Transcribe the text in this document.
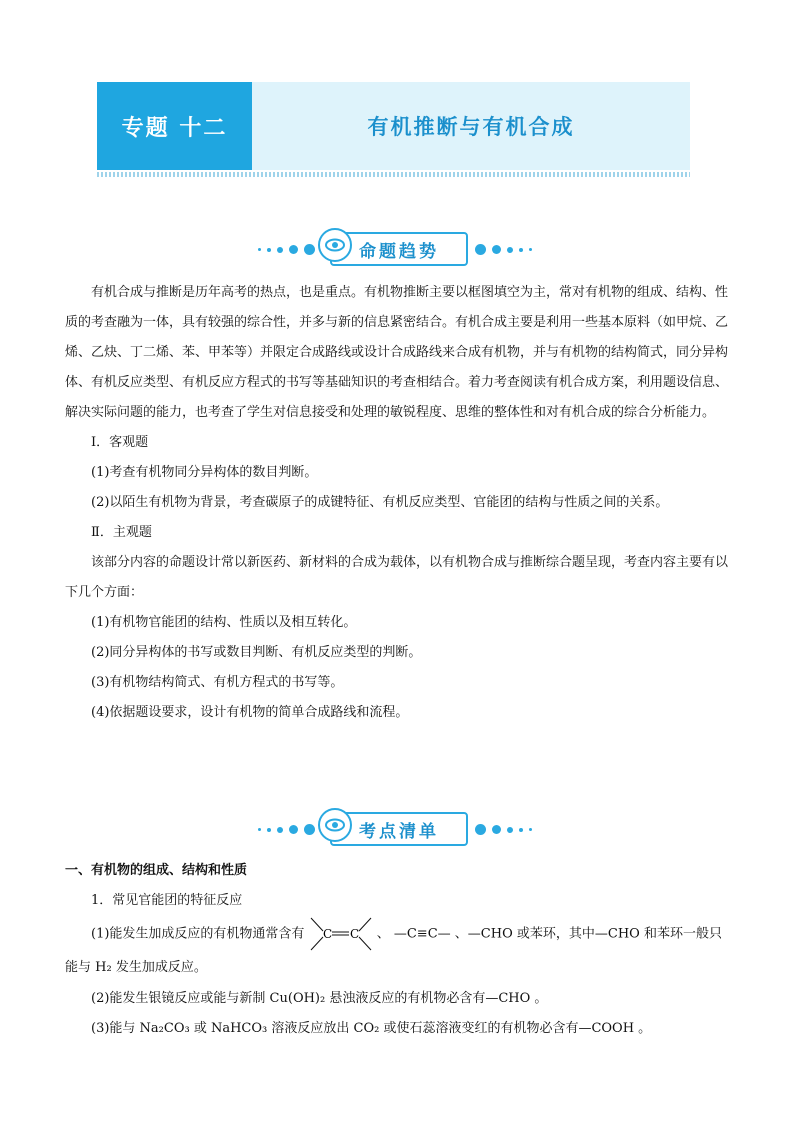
专题 十二	有机推断与有机合成
命题趋势

有机合成与推断是历年高考的热点，也是重点。有机物推断主要以框图填空为主，常对有机物的组成、结构、性质的考查融为一体，具有较强的综合性，并多与新的信息紧密结合。有机合成主要是利用一些基本原料（如甲烷、乙烯、乙炔、丁二烯、苯、甲苯等）并限定合成路线或设计合成路线来合成有机物，并与有机物的结构简式，同分异构体、有机反应类型、有机反应方程式的书写等基础知识的考查相结合。着力考查阅读有机合成方案，利用题设信息、解决实际问题的能力，也考查了学生对信息接受和处理的敏锐程度、思维的整体性和对有机合成的综合分析能力。

Ⅰ．客观题

(1)考查有机物同分异构体的数目判断。

(2)以陌生有机物为背景，考查碳原子的成键特征、有机反应类型、官能团的结构与性质之间的关系。

Ⅱ．主观题

该部分内容的命题设计常以新医药、新材料的合成为载体，以有机物合成与推断综合题呈现，考查内容主要有以下几个方面：

(1)有机物官能团的结构、性质以及相互转化。

(2)同分异构体的书写或数目判断、有机反应类型的判断。

(3)有机物结构简式、有机方程式的书写等。

(4)依据题设要求，设计有机物的简单合成路线和流程。

考点清单

一、有机物的组成、结构和性质

1．常见官能团的特征反应

(1)能发生加成反应的有机物通常含有 C C 、 —C≡C— 、—CHO 或苯环，其中—CHO 和苯环一般只能与 H₂ 发生加成反应。

(2)能发生银镜反应或能与新制 Cu(OH)₂ 悬浊液反应的有机物必含有—CHO 。

(3)能与 Na₂CO₃ 或 NaHCO₃ 溶液反应放出 CO₂ 或使石蕊溶液变红的有机物必含有—COOH 。
